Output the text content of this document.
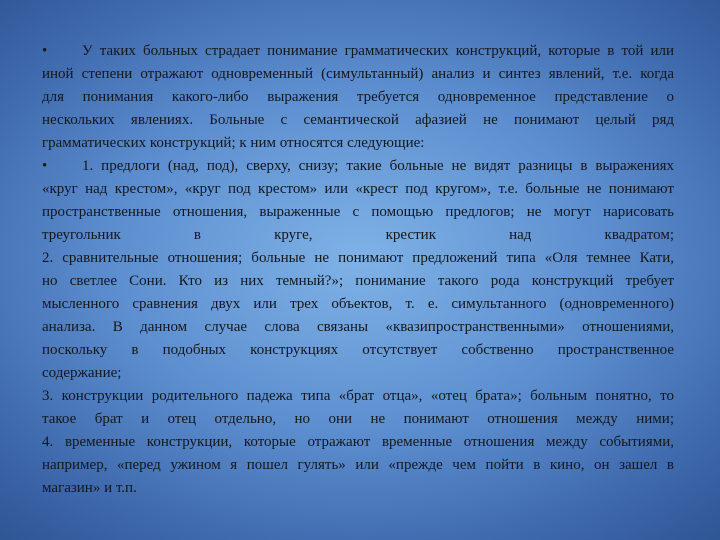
• У таких больных страдает понимание грамматических конструкций, которые в той или
иной степени отражают одновременный (симультанный) анализ и синтез явлений, т.е. когда
для понимания какого-либо выражения требуется одновременное представление о
нескольких явлениях. Больные с семантической афазией не понимают целый ряд
грамматических конструкций; к ним относятся следующие:
• 1. предлоги (над, под), сверху, снизу; такие больные не видят разницы в выражениях
«круг над крестом», «круг под крестом» или «крест под кругом», т.е. больные не понимают
пространственные отношения, выраженные с помощью предлогов; не могут нарисовать
треугольник в круге, крестик над квадратом;
2. сравнительные отношения; больные не понимают предложений типа «Оля темнее Кати,
но светлее Сони. Кто из них темный?»; понимание такого рода конструкций требует
мысленного сравнения двух или трех объектов, т. е. симультанного (одновременного)
анализа. В данном случае слова связаны «квазипространственными» отношениями,
поскольку в подобных конструкциях отсутствует собственно пространственное
содержание;
3. конструкции родительного падежа типа «брат отца», «отец брата»; больным понятно, то
такое брат и отец отдельно, но они не понимают отношения между ними;
4. временные конструкции, которые отражают временные отношения между событиями,
например, «перед ужином я пошел гулять» или «прежде чем пойти в кино, он зашел в
магазин» и т.п.
